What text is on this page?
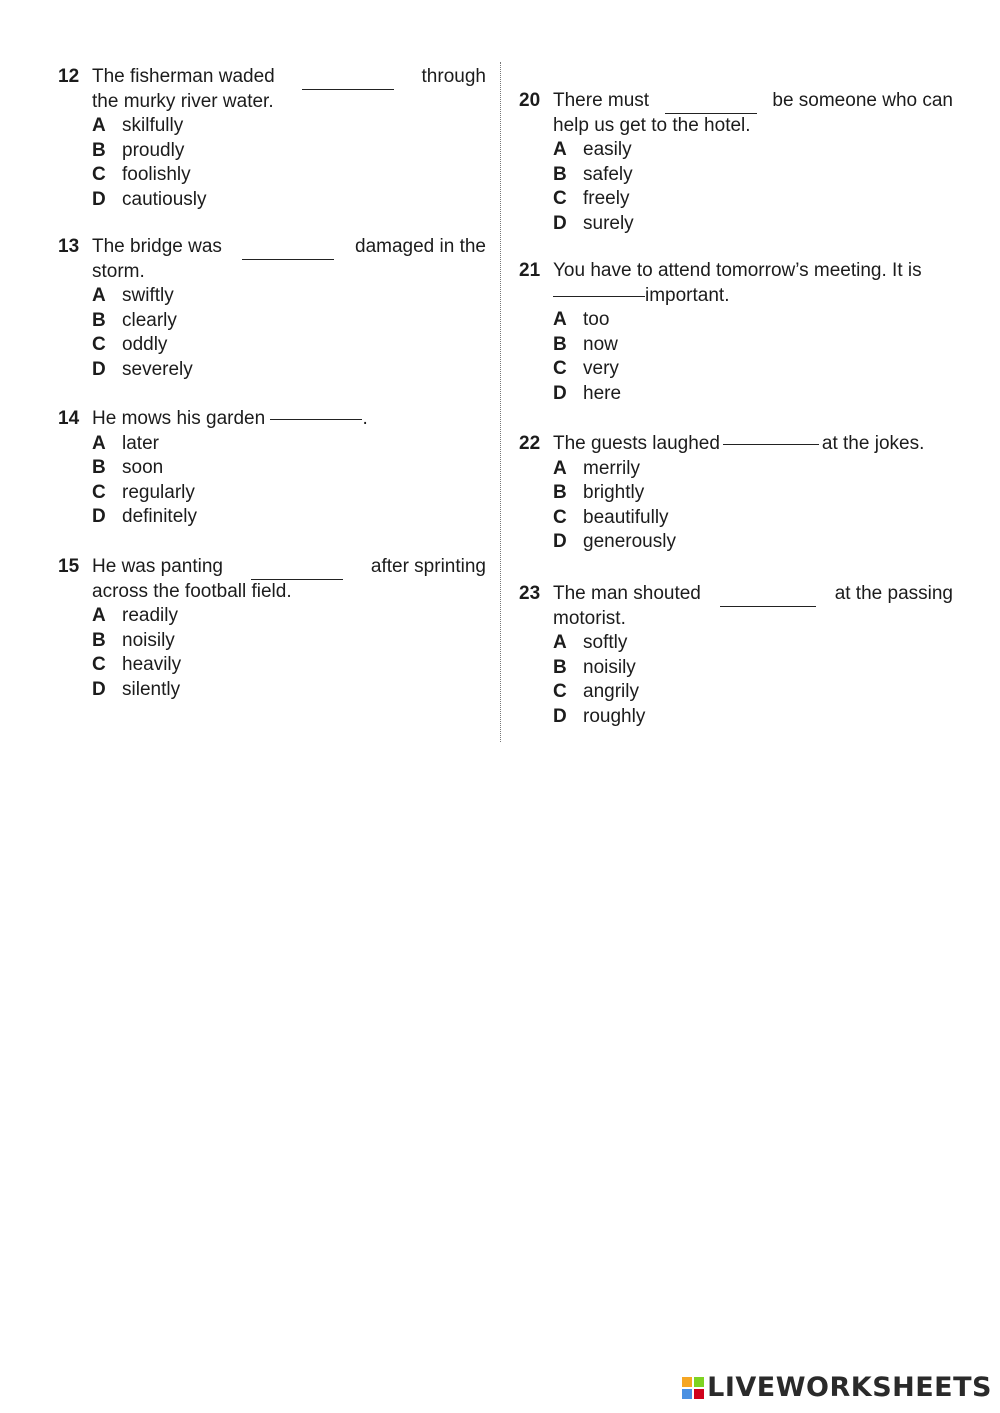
12 The fisherman waded	through
the murky river water.
A skilfully
B proudly
C foolishly
D cautiously
13 The bridge was	damaged in the
storm.
A swiftly
B clearly
C oddly
D severely
14 He mows his garden	.
A later
B soon
C regularly
D definitely
15 He was panting	after sprinting
across the football field.
A readily
B noisily
C heavily
D silently
20 There must	be someone who can
help us get to the hotel.
A easily
B safely
C freely
D surely
21 You have to attend tomorrow’s meeting. It is
important.
A too
B now
C very
D here
22 The guests laughed	at the jokes.
A merrily
B brightly
C beautifully
D generously
23 The man shouted	at the passing
motorist.
A softly
B noisily
C angrily
D roughly
LIVEWORKSHEETS
